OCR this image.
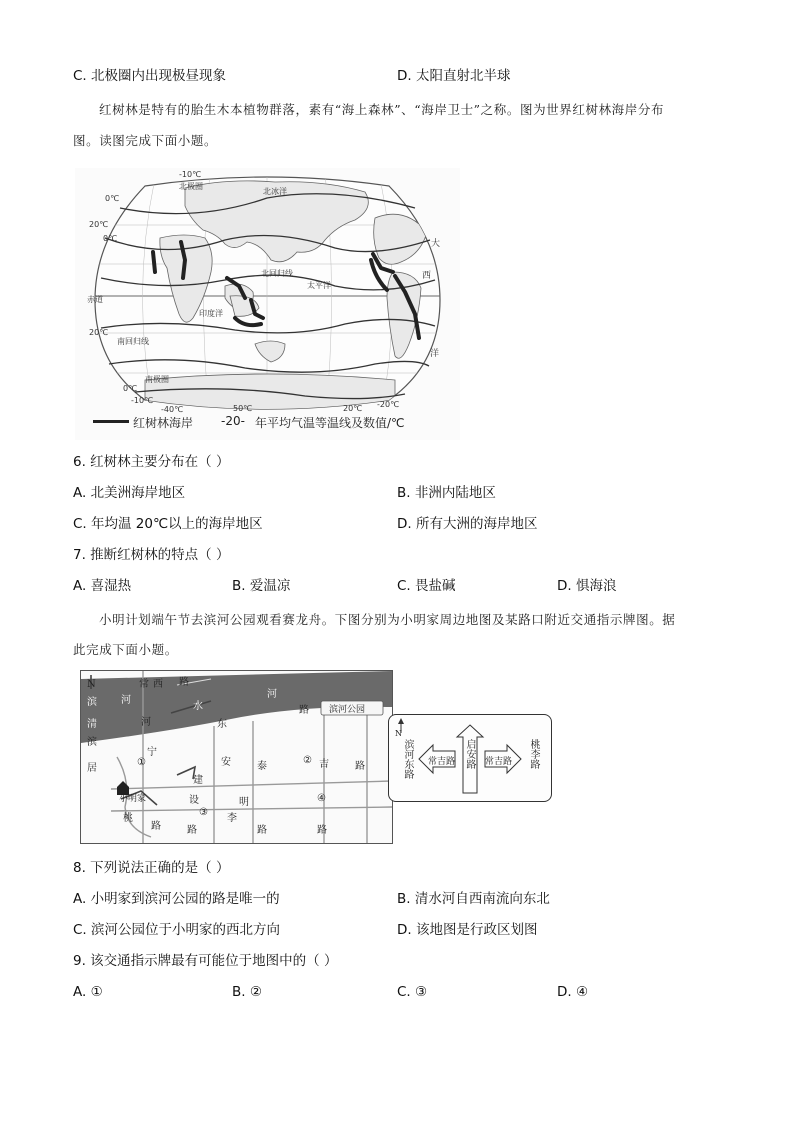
C. 北极圈内出现极昼现象	D. 太阳直射北半球
红树林是特有的胎生木本植物群落，素有“海上森林”、“海岸卫士”之称。图为世界红树林海岸分布
图。读图完成下面小题。
-10℃
北极圈
0℃
北冰洋
20℃
0℃
北回归线
太平洋
大
西
洋
赤道
印度洋
20℃
南回归线
南极圈
0℃
-10℃
-40℃	50℃	20℃ -20℃
红树林海岸 -20- 年平均气温等温线及数值/℃
6. 红树林主要分布在（ ）
A. 北美洲海岸地区	B. 非洲内陆地区
C. 年均温 20℃以上的海岸地区	D. 所有大洲的海岸地区
7. 推断红树林的特点（ ）
A. 喜湿热	B. 爱温凉	C. 畏盐碱	D. 惧海浪
小明计划端午节去滨河公园观看赛龙舟。下图分别为小明家周边地图及某路口附近交通指示牌图。据
此完成下面小题。
N
滨 河
清
滨
居
常 西 路
水
河	东
河
路 滨河公园
宁
①	安	泰
② 吉	路
建
设	明
③
④
小明家
桃
路	路
李
路	路
N
滨河东路 常吉路 启安路 常吉路 桃李路
8. 下列说法正确的是（ ）
A. 小明家到滨河公园的路是唯一的	B. 清水河自西南流向东北
C. 滨河公园位于小明家的西北方向	D. 该地图是行政区划图
9. 该交通指示牌最有可能位于地图中的（ ）
A. ①	B. ②	C. ③	D. ④
